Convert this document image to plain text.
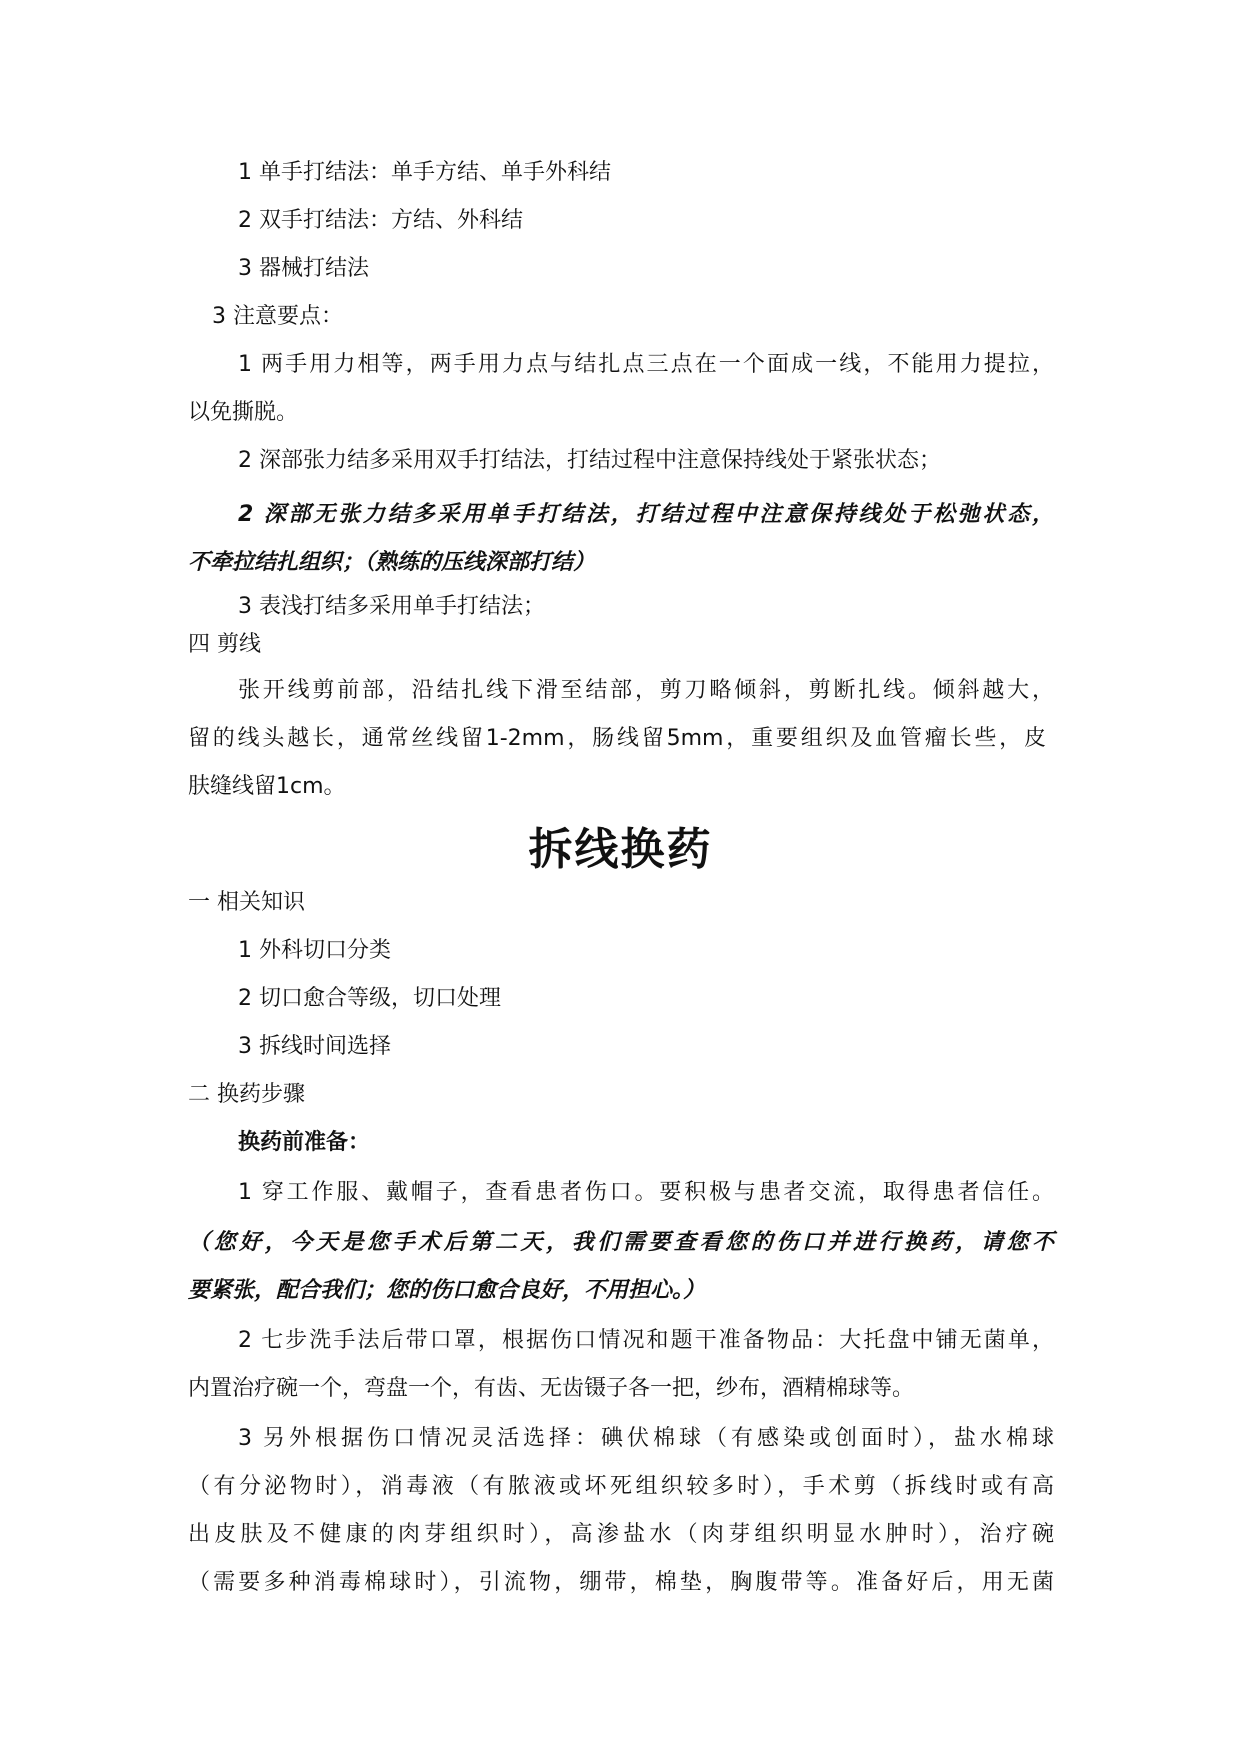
1 单手打结法：单手方结、单手外科结
2 双手打结法：方结、外科结
3 器械打结法
3 注意要点：
1 两手用力相等，两手用力点与结扎点三点在一个面成一线，不能用力提拉，
以免撕脱。
2 深部张力结多采用双手打结法，打结过程中注意保持线处于紧张状态；
2 深部无张力结多采用单手打结法，打结过程中注意保持线处于松弛状态，
不牵拉结扎组织；（熟练的压线深部打结）
3 表浅打结多采用单手打结法；
四 剪线
张开线剪前部，沿结扎线下滑至结部，剪刀略倾斜，剪断扎线。倾斜越大，
留的线头越长，通常丝线留1-2mm，肠线留5mm，重要组织及血管瘤长些，皮
肤缝线留1cm。
拆线换药
一 相关知识
1 外科切口分类
2 切口愈合等级，切口处理
3 拆线时间选择
二 换药步骤
换药前准备：
1 穿工作服、戴帽子，查看患者伤口。要积极与患者交流，取得患者信任。
（您好，今天是您手术后第二天，我们需要查看您的伤口并进行换药，请您不
要紧张，配合我们；您的伤口愈合良好，不用担心。）
2 七步洗手法后带口罩，根据伤口情况和题干准备物品：大托盘中铺无菌单，
内置治疗碗一个，弯盘一个，有齿、无齿镊子各一把，纱布，酒精棉球等。
3 另外根据伤口情况灵活选择：碘伏棉球（有感染或创面时），盐水棉球
（有分泌物时），消毒液（有脓液或坏死组织较多时），手术剪（拆线时或有高
出皮肤及不健康的肉芽组织时），高渗盐水（肉芽组织明显水肿时），治疗碗
（需要多种消毒棉球时），引流物，绷带，棉垫，胸腹带等。准备好后，用无菌
